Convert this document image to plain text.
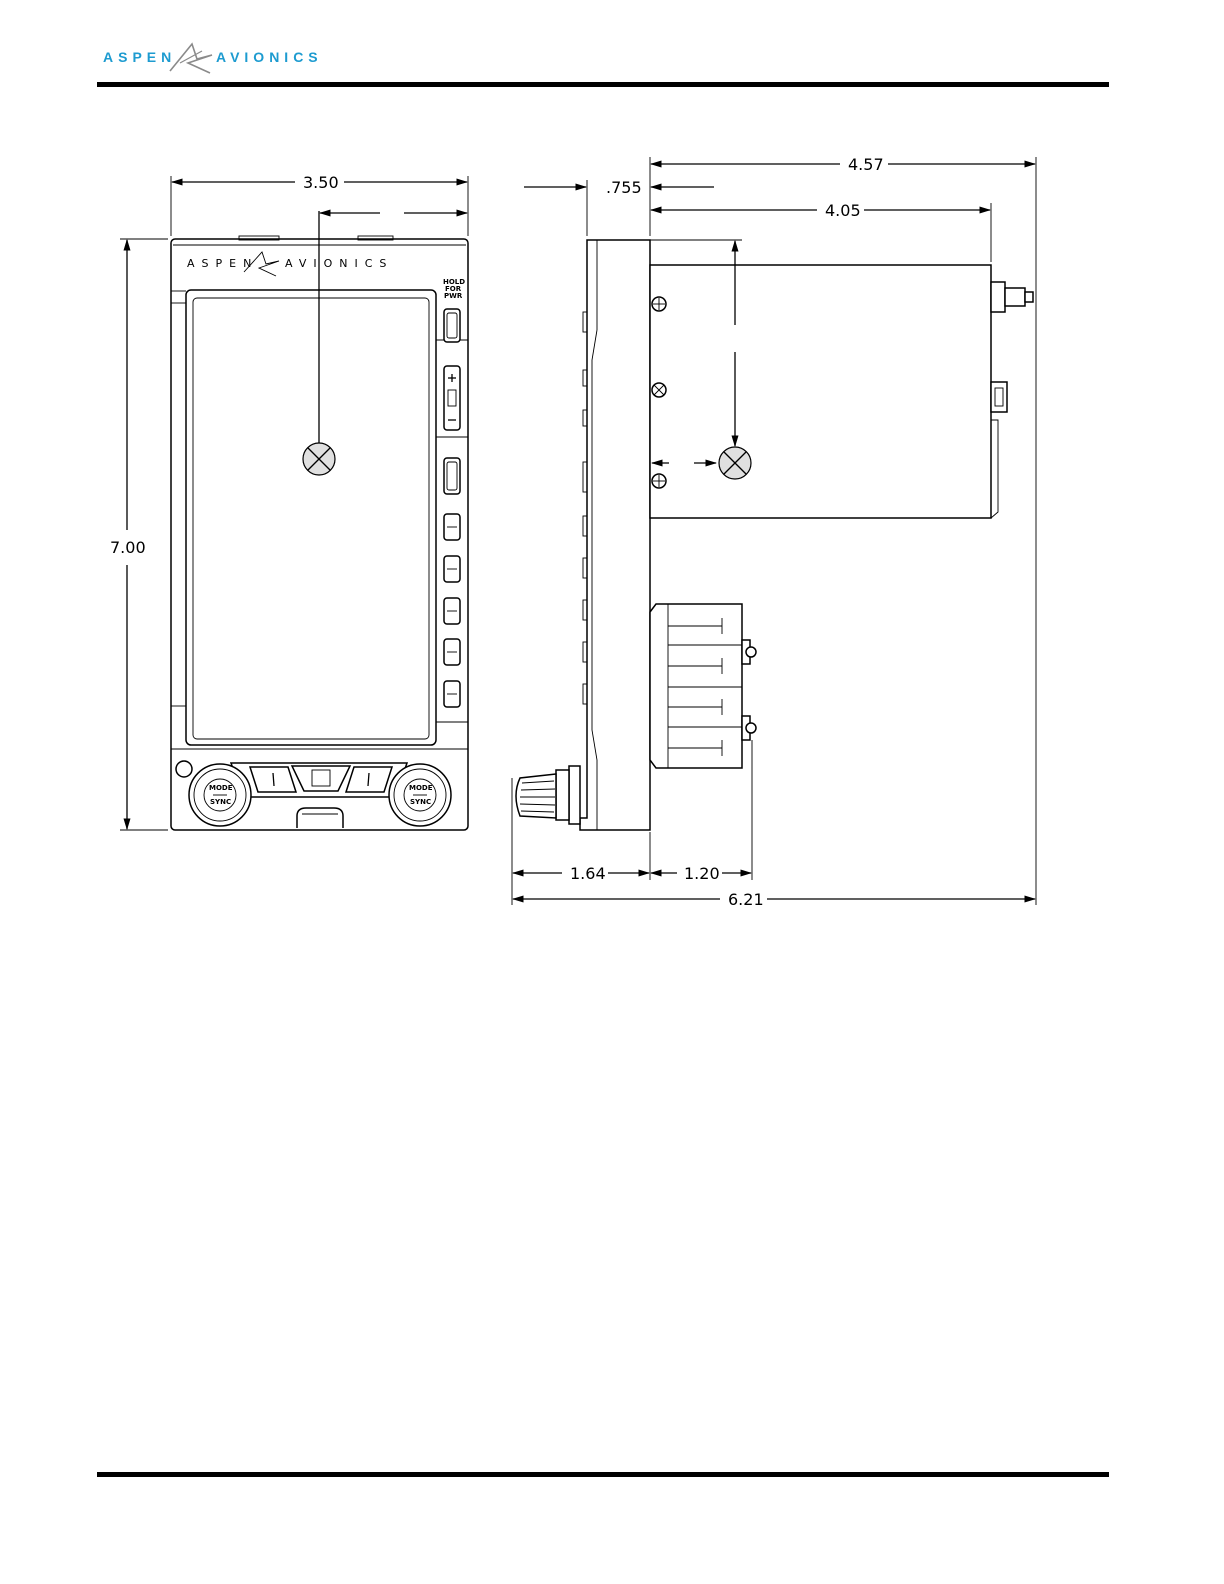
ASPEN	AVIONICS
ASPEN AVIONICS
HOLD
FOR
PWR
MODE
SYNC
MODE
SYNC
3.50
7.00
.755
4.57
4.05
1.64	1.20
6.21
